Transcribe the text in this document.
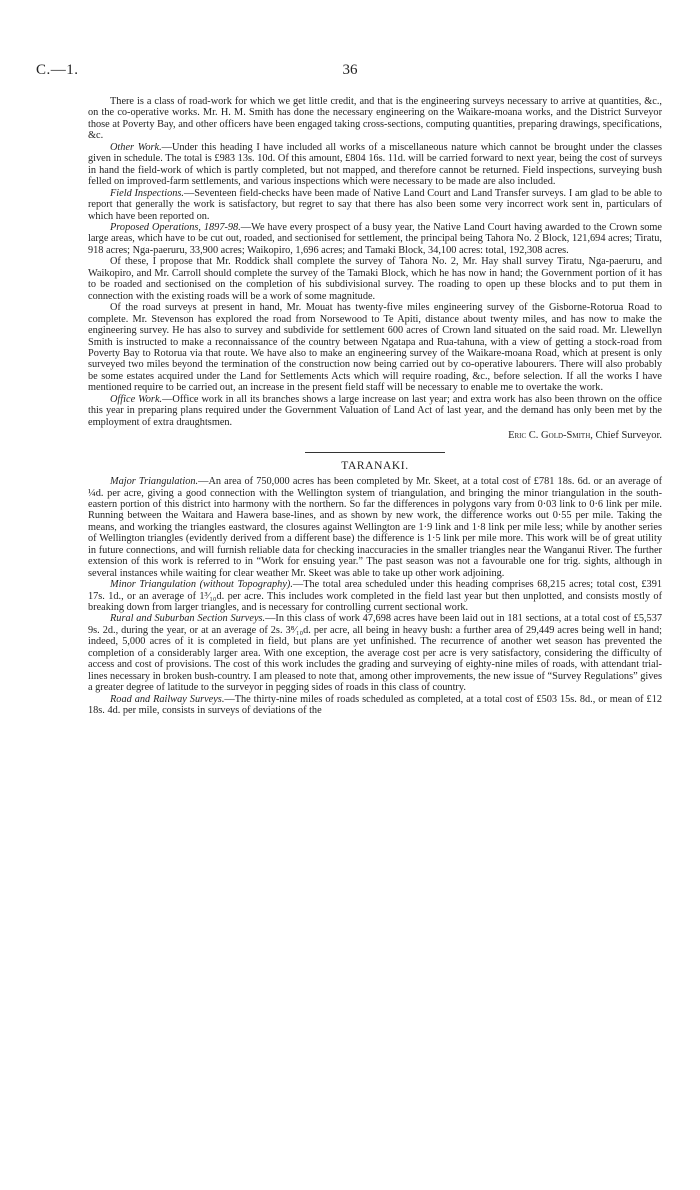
C.—1.	36

There is a class of road-work for which we get little credit, and that is the engineering surveys necessary to arrive at quantities, &c., on the co-operative works. Mr. H. M. Smith has done the necessary engineering on the Waikare-moana works, and the District Surveyor those at Poverty Bay, and other officers have been engaged taking cross-sections, computing quantities, preparing drawings, specifications, &c.

Other Work.—Under this heading I have included all works of a miscellaneous nature which cannot be brought under the classes given in schedule. The total is £983 13s. 10d. Of this amount, £804 16s. 11d. will be carried forward to next year, being the cost of surveys in hand the field-work of which is partly completed, but not mapped, and therefore cannot be returned. Field inspections, surveying bush felled on improved-farm settlements, and various inspections which were necessary to be made are also included.

Field Inspections.—Seventeen field-checks have been made of Native Land Court and Land Transfer surveys. I am glad to be able to report that generally the work is satisfactory, but regret to say that there has also been some very incorrect work sent in, particulars of which have been reported on.

Proposed Operations, 1897-98.—We have every prospect of a busy year, the Native Land Court having awarded to the Crown some large areas, which have to be cut out, roaded, and sectionised for settlement, the principal being Tahora No. 2 Block, 121,694 acres; Tiratu, 918 acres; Nga-paeruru, 33,900 acres; Waikopiro, 1,696 acres; and Tamaki Block, 34,100 acres: total, 192,308 acres.

Of these, I propose that Mr. Roddick shall complete the survey of Tahora No. 2, Mr. Hay shall survey Tiratu, Nga-paeruru, and Waikopiro, and Mr. Carroll should complete the survey of the Tamaki Block, which he has now in hand; the Government portion of it has to be roaded and sectionised on the completion of his subdivisional survey. The roading to open up these blocks and to put them in connection with the existing roads will be a work of some magnitude.

Of the road surveys at present in hand, Mr. Mouat has twenty-five miles engineering survey of the Gisborne-Rotorua Road to complete. Mr. Stevenson has explored the road from Norsewood to Te Apiti, distance about twenty miles, and has now to make the engineering survey. He has also to survey and subdivide for settlement 600 acres of Crown land situated on the said road. Mr. Llewellyn Smith is instructed to make a reconnaissance of the country between Ngatapa and Rua-tahuna, with a view of getting a stock-road from Poverty Bay to Rotorua via that route. We have also to make an engineering survey of the Waikare-moana Road, which at present is only surveyed two miles beyond the termination of the construction now being carried out by co-operative labourers. There will also probably be some estates acquired under the Land for Settlements Acts which will require roading, &c., before selection. If all the works I have mentioned require to be carried out, an increase in the present field staff will be necessary to enable me to overtake the work.

Office Work.—Office work in all its branches shows a large increase on last year; and extra work has also been thrown on the office this year in preparing plans required under the Government Valuation of Land Act of last year, and the demand has only been met by the employment of extra draughtsmen.

Eric C. Gold-Smith, Chief Surveyor.
TARANAKI.

Major Triangulation.—An area of 750,000 acres has been completed by Mr. Skeet, at a total cost of £781 18s. 6d. or an average of ¼d. per acre, giving a good connection with the Wellington system of triangulation, and bringing the minor triangulation in the south-eastern portion of this district into harmony with the northern. So far the differences in polygons vary from 0·03 link to 0·6 link per mile. Running between the Waitara and Hawera base-lines, and as shown by new work, the difference works out 0·55 per mile. Taking the means, and working the triangles eastward, the closures against Wellington are 1·9 link and 1·8 link per mile less; while by another series of Wellington triangles (evidently derived from a different base) the difference is 1·5 link per mile more. This work will be of great utility in future connections, and will furnish reliable data for checking inaccuracies in the smaller triangles near the Wanganui River. The further extension of this work is referred to in “Work for ensuing year.” The past season was not a favourable one for trig. sights, although in several instances while waiting for clear weather Mr. Skeet was able to take up other work adjoining.

Minor Triangulation (without Topography).—The total area scheduled under this heading comprises 68,215 acres; total cost, £391 17s. 1d., or an average of 1³⁄₁₀d. per acre. This includes work completed in the field last year but then unplotted, and consists mostly of breaking down from larger triangles, and is necessary for controlling current sectional work.

Rural and Suburban Section Surveys.—In this class of work 47,698 acres have been laid out in 181 sections, at a total cost of £5,537 9s. 2d., during the year, or at an average of 2s. 3⁸⁄₁₀d. per acre, all being in heavy bush: a further area of 29,449 acres being well in hand; indeed, 5,000 acres of it is completed in field, but plans are yet unfinished. The recurrence of another wet season has prevented the completion of a considerably larger area. With one exception, the average cost per acre is very satisfactory, considering the difficulty of access and cost of provisions. The cost of this work includes the grading and surveying of eighty-nine miles of roads, with attendant trial-lines necessary in broken bush-country. I am pleased to note that, among other improvements, the new issue of “Survey Regulations” gives a greater degree of latitude to the surveyor in pegging sides of roads in this class of country.

Road and Railway Surveys.—The thirty-nine miles of roads scheduled as completed, at a total cost of £503 15s. 8d., or mean of £12 18s. 4d. per mile, consists in surveys of deviations of the
